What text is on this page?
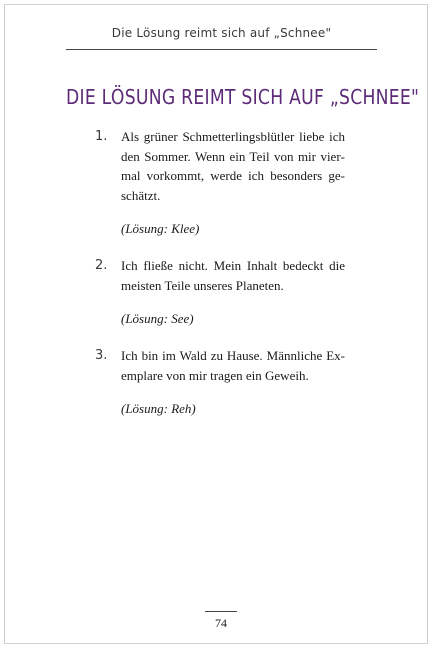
Die Lösung reimt sich auf „Schnee"
DIE LÖSUNG REIMT SICH AUF „SCHNEE"
1. Als grüner Schmetterlingsblütler liebe ich den Sommer. Wenn ein Teil von mir viermal vorkommt, werde ich besonders geschätzt.

(Lösung: Klee)

2. Ich fließe nicht. Mein Inhalt bedeckt die meisten Teile unseres Planeten.

(Lösung: See)

3. Ich bin im Wald zu Hause. Männliche Exemplare von mir tragen ein Geweih.

(Lösung: Reh)

74
